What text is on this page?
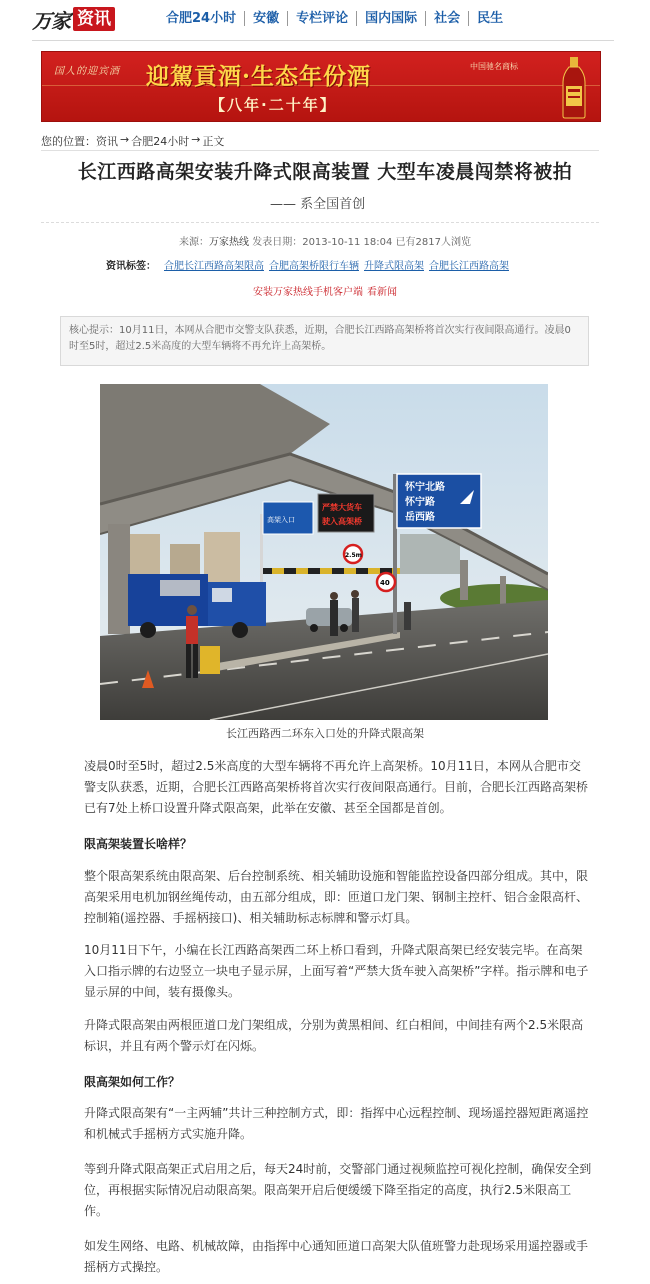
万家 资讯	合肥24小时	安徽	专栏评论	国内国际	社会	民生
国人的迎宾酒 迎駕貢酒·生态年份酒
【八年·二十年】
中国驰名商标
您的位置： 资讯 → 合肥24小时 → 正文
长江西路高架安装升降式限高装置 大型车凌晨闯禁将被拍
—— 系全国首创
来源：万家热线 发表日期：2013-10-11 18:04 已有2817人浏览
资讯标签： 合肥长江西路高架限高 合肥高架桥限行车辆 升降式限高架 合肥长江西路高架
安装万家热线手机客户端 看新闻
核心提示：10月11日，本网从合肥市交警支队获悉，近期，合肥长江西路高架桥将首次实行夜间限高通行。凌晨0时至5时，超过2.5米高度的大型车辆将不再允许上高架桥。
怀宁北路
怀宁路
岳西路
严禁大货车
驶入高架桥
高架入口
40
2.5m
长江西路西二环东入口处的升降式限高架
凌晨0时至5时，超过2.5米高度的大型车辆将不再允许上高架桥。10月11日，本网从合肥市交警支队获悉，近期，合肥长江西路高架桥将首次实行夜间限高通行。目前，合肥长江西路高架桥已有7处上桥口设置升降式限高架，此举在安徽、甚至全国都是首创。
限高架装置长啥样？
整个限高架系统由限高架、后台控制系统、相关辅助设施和智能监控设备四部分组成。其中，限高架采用电机加钢丝绳传动，由五部分组成，即：匝道口龙门架、钢制主控杆、铝合金限高杆、控制箱(遥控器、手摇柄接口)、相关辅助标志标牌和警示灯具。
10月11日下午，小编在长江西路高架西二环上桥口看到，升降式限高架已经安装完毕。在高架入口指示牌的右边竖立一块电子显示屏，上面写着“严禁大货车驶入高架桥”字样。指示牌和电子显示屏的中间，装有摄像头。
升降式限高架由两根匝道口龙门架组成，分别为黄黑相间、红白相间，中间挂有两个2.5米限高标识，并且有两个警示灯在闪烁。
限高架如何工作？
升降式限高架有“一主两辅”共计三种控制方式，即：指挥中心远程控制、现场遥控器短距离遥控和机械式手摇柄方式实施升降。
等到升降式限高架正式启用之后，每天24时前，交警部门通过视频监控可视化控制，确保安全到位，再根据实际情况启动限高架。限高架开启后便缓缓下降至指定的高度，执行2.5米限高工作。
如发生网络、电路、机械故障，由指挥中心通知匝道口高架大队值班警力赴现场采用遥控器或手摇柄方式操控。
